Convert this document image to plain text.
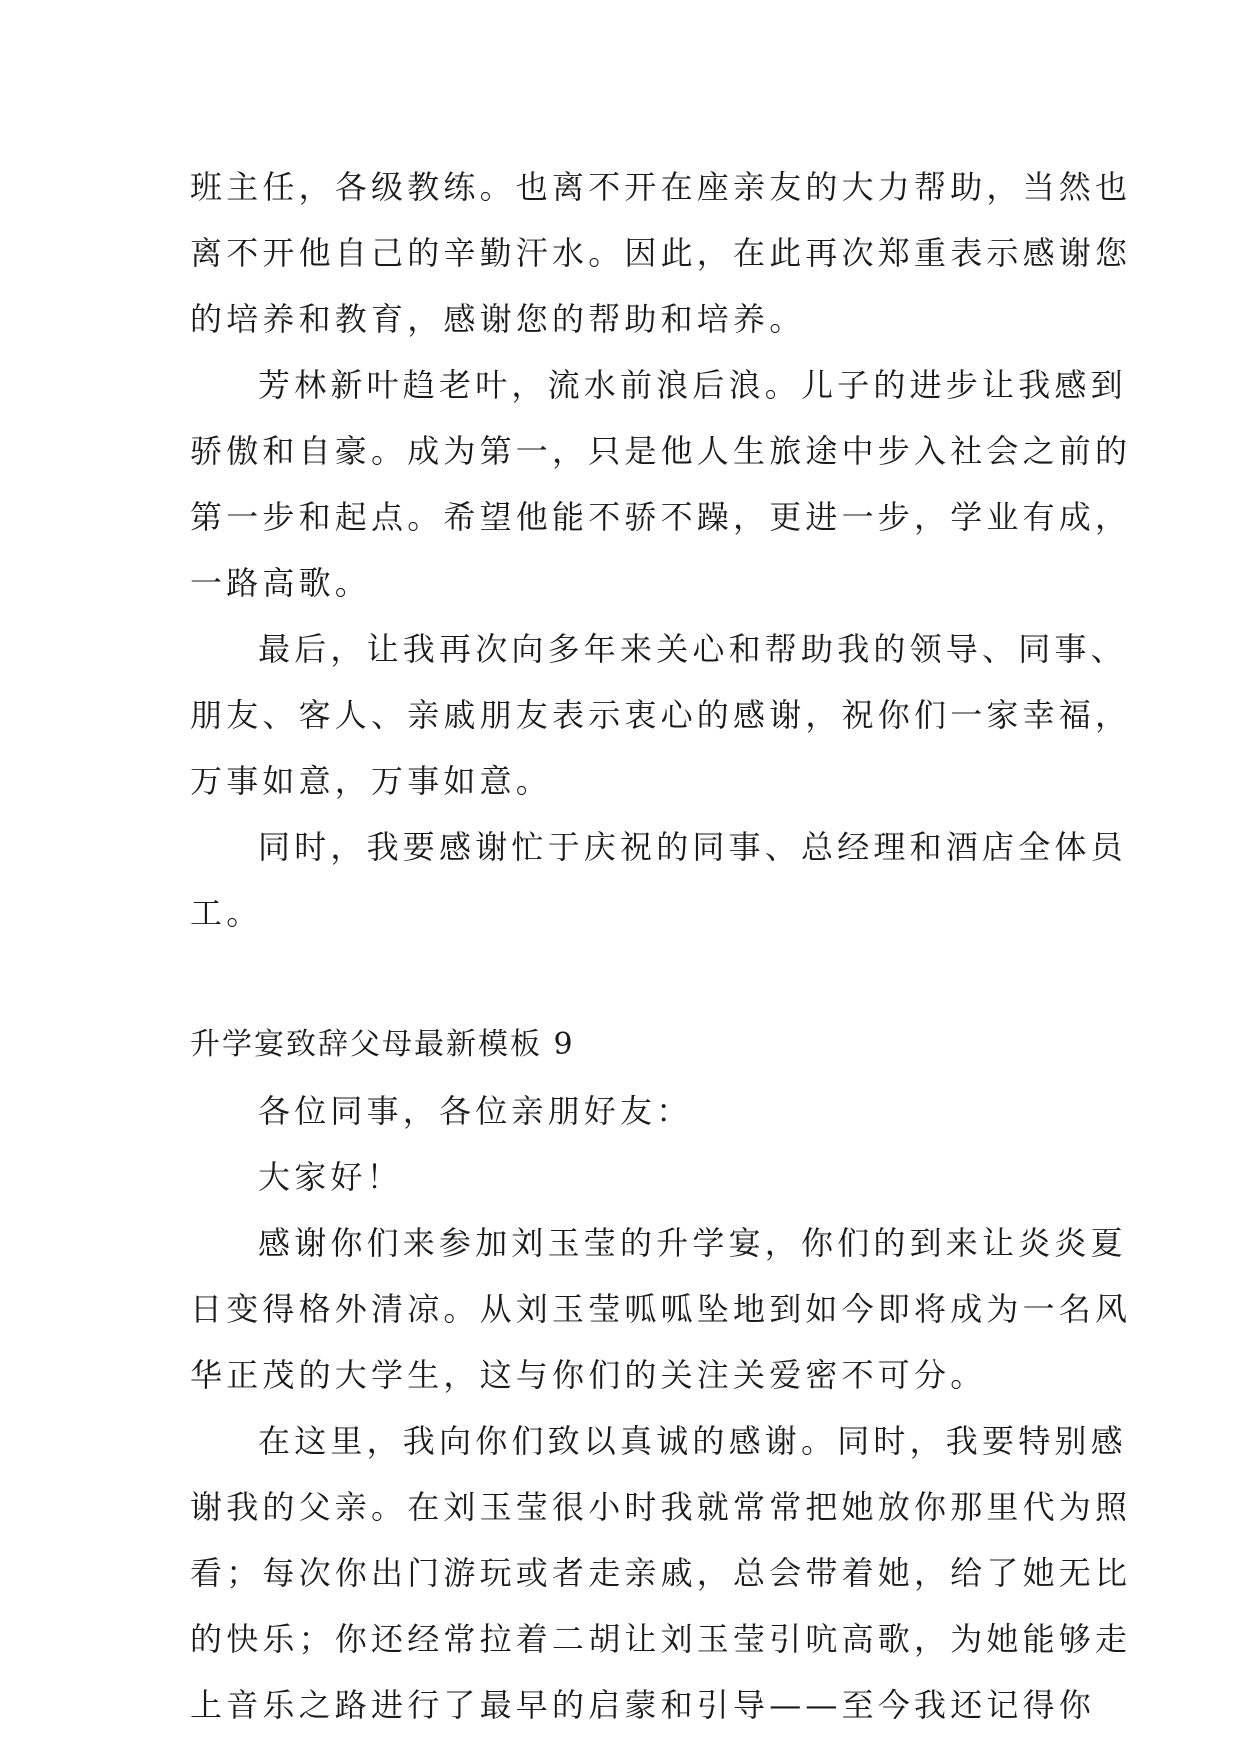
班主任，各级教练。也离不开在座亲友的大力帮助，当然也
离不开他自己的辛勤汗水。因此，在此再次郑重表示感谢您
的培养和教育，感谢您的帮助和培养。
芳林新叶趋老叶，流水前浪后浪。儿子的进步让我感到
骄傲和自豪。成为第一，只是他人生旅途中步入社会之前的
第一步和起点。希望他能不骄不躁，更进一步，学业有成，
一路高歌。
最后，让我再次向多年来关心和帮助我的领导、同事、
朋友、客人、亲戚朋友表示衷心的感谢，祝你们一家幸福，
万事如意，万事如意。
同时，我要感谢忙于庆祝的同事、总经理和酒店全体员
工。
升学宴致辞父母最新模板 9
各位同事，各位亲朋好友：
大家好！
感谢你们来参加刘玉莹的升学宴，你们的到来让炎炎夏
日变得格外清凉。从刘玉莹呱呱坠地到如今即将成为一名风
华正茂的大学生，这与你们的关注关爱密不可分。
在这里，我向你们致以真诚的感谢。同时，我要特别感
谢我的父亲。在刘玉莹很小时我就常常把她放你那里代为照
看；每次你出门游玩或者走亲戚，总会带着她，给了她无比
的快乐；你还经常拉着二胡让刘玉莹引吭高歌，为她能够走
上音乐之路进行了最早的启蒙和引导——至今我还记得你
